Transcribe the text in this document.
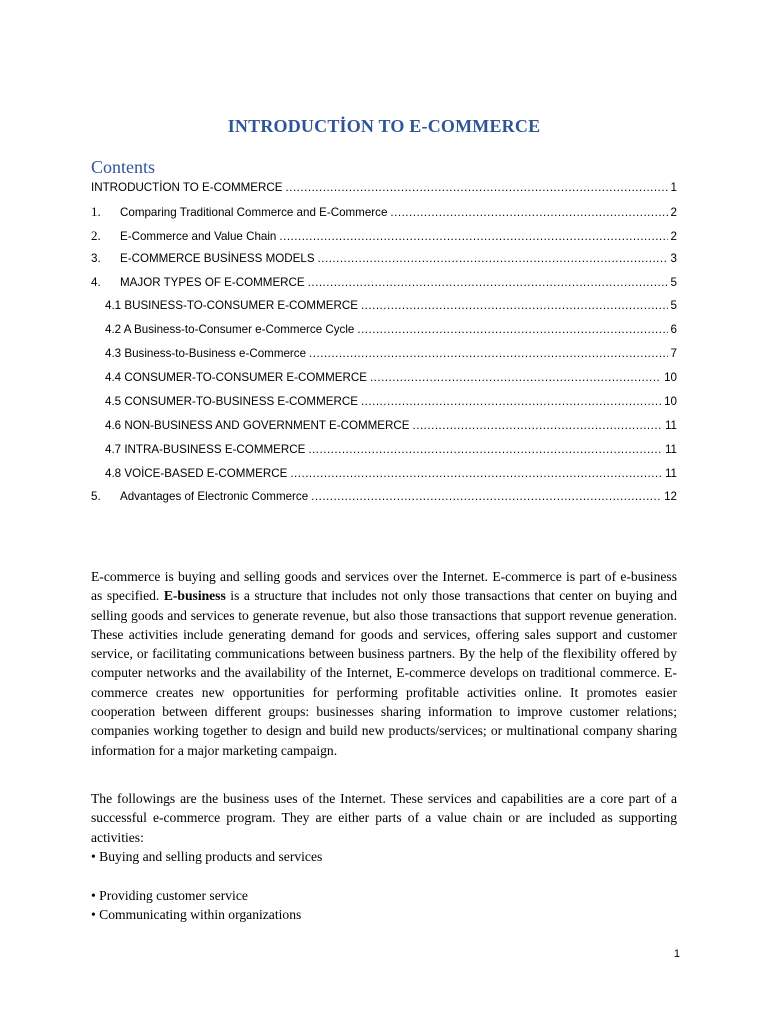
INTRODUCTİON TO E-COMMERCE
Contents
INTRODUCTİON TO E-COMMERCE .....	1
1.	Comparing Traditional Commerce and E-Commerce .....	2
2.	E-Commerce and Value Chain .....	2
3.	E-COMMERCE BUSİNESS MODELS .....	3
4.	MAJOR TYPES OF E-COMMERCE .....	5
4.1 BUSINESS-TO-CONSUMER E-COMMERCE .....	5
4.2 A Business-to-Consumer e-Commerce Cycle .....	6
4.3 Business-to-Business e-Commerce .....	7
4.4 CONSUMER-TO-CONSUMER E-COMMERCE .....	10
4.5 CONSUMER-TO-BUSINESS E-COMMERCE .....	10
4.6 NON-BUSINESS AND GOVERNMENT E-COMMERCE .....	11
4.7 INTRA-BUSINESS E-COMMERCE .....	11
4.8 VOİCE-BASED E-COMMERCE .....	11
5.	Advantages of Electronic Commerce .....	12
E-commerce is buying and selling goods and services over the Internet. E-commerce is part of e-business as specified. E-business is a structure that includes not only those transactions that center on buying and selling goods and services to generate revenue, but also those transactions that support revenue generation. These activities include generating demand for goods and services, offering sales support and customer service, or facilitating communications between business partners. By the help of the flexibility offered by computer networks and the availability of the Internet, E-commerce develops on traditional commerce. E-commerce creates new opportunities for performing profitable activities online. It promotes easier cooperation between different groups: businesses sharing information to improve customer relations; companies working together to design and build new products/services; or multinational company sharing information for a major marketing campaign.
The followings are the business uses of the Internet. These services and capabilities are a core part of a successful e-commerce program. They are either parts of a value chain or are included as supporting activities:
• Buying and selling products and services
• Providing customer service
• Communicating within organizations
1
